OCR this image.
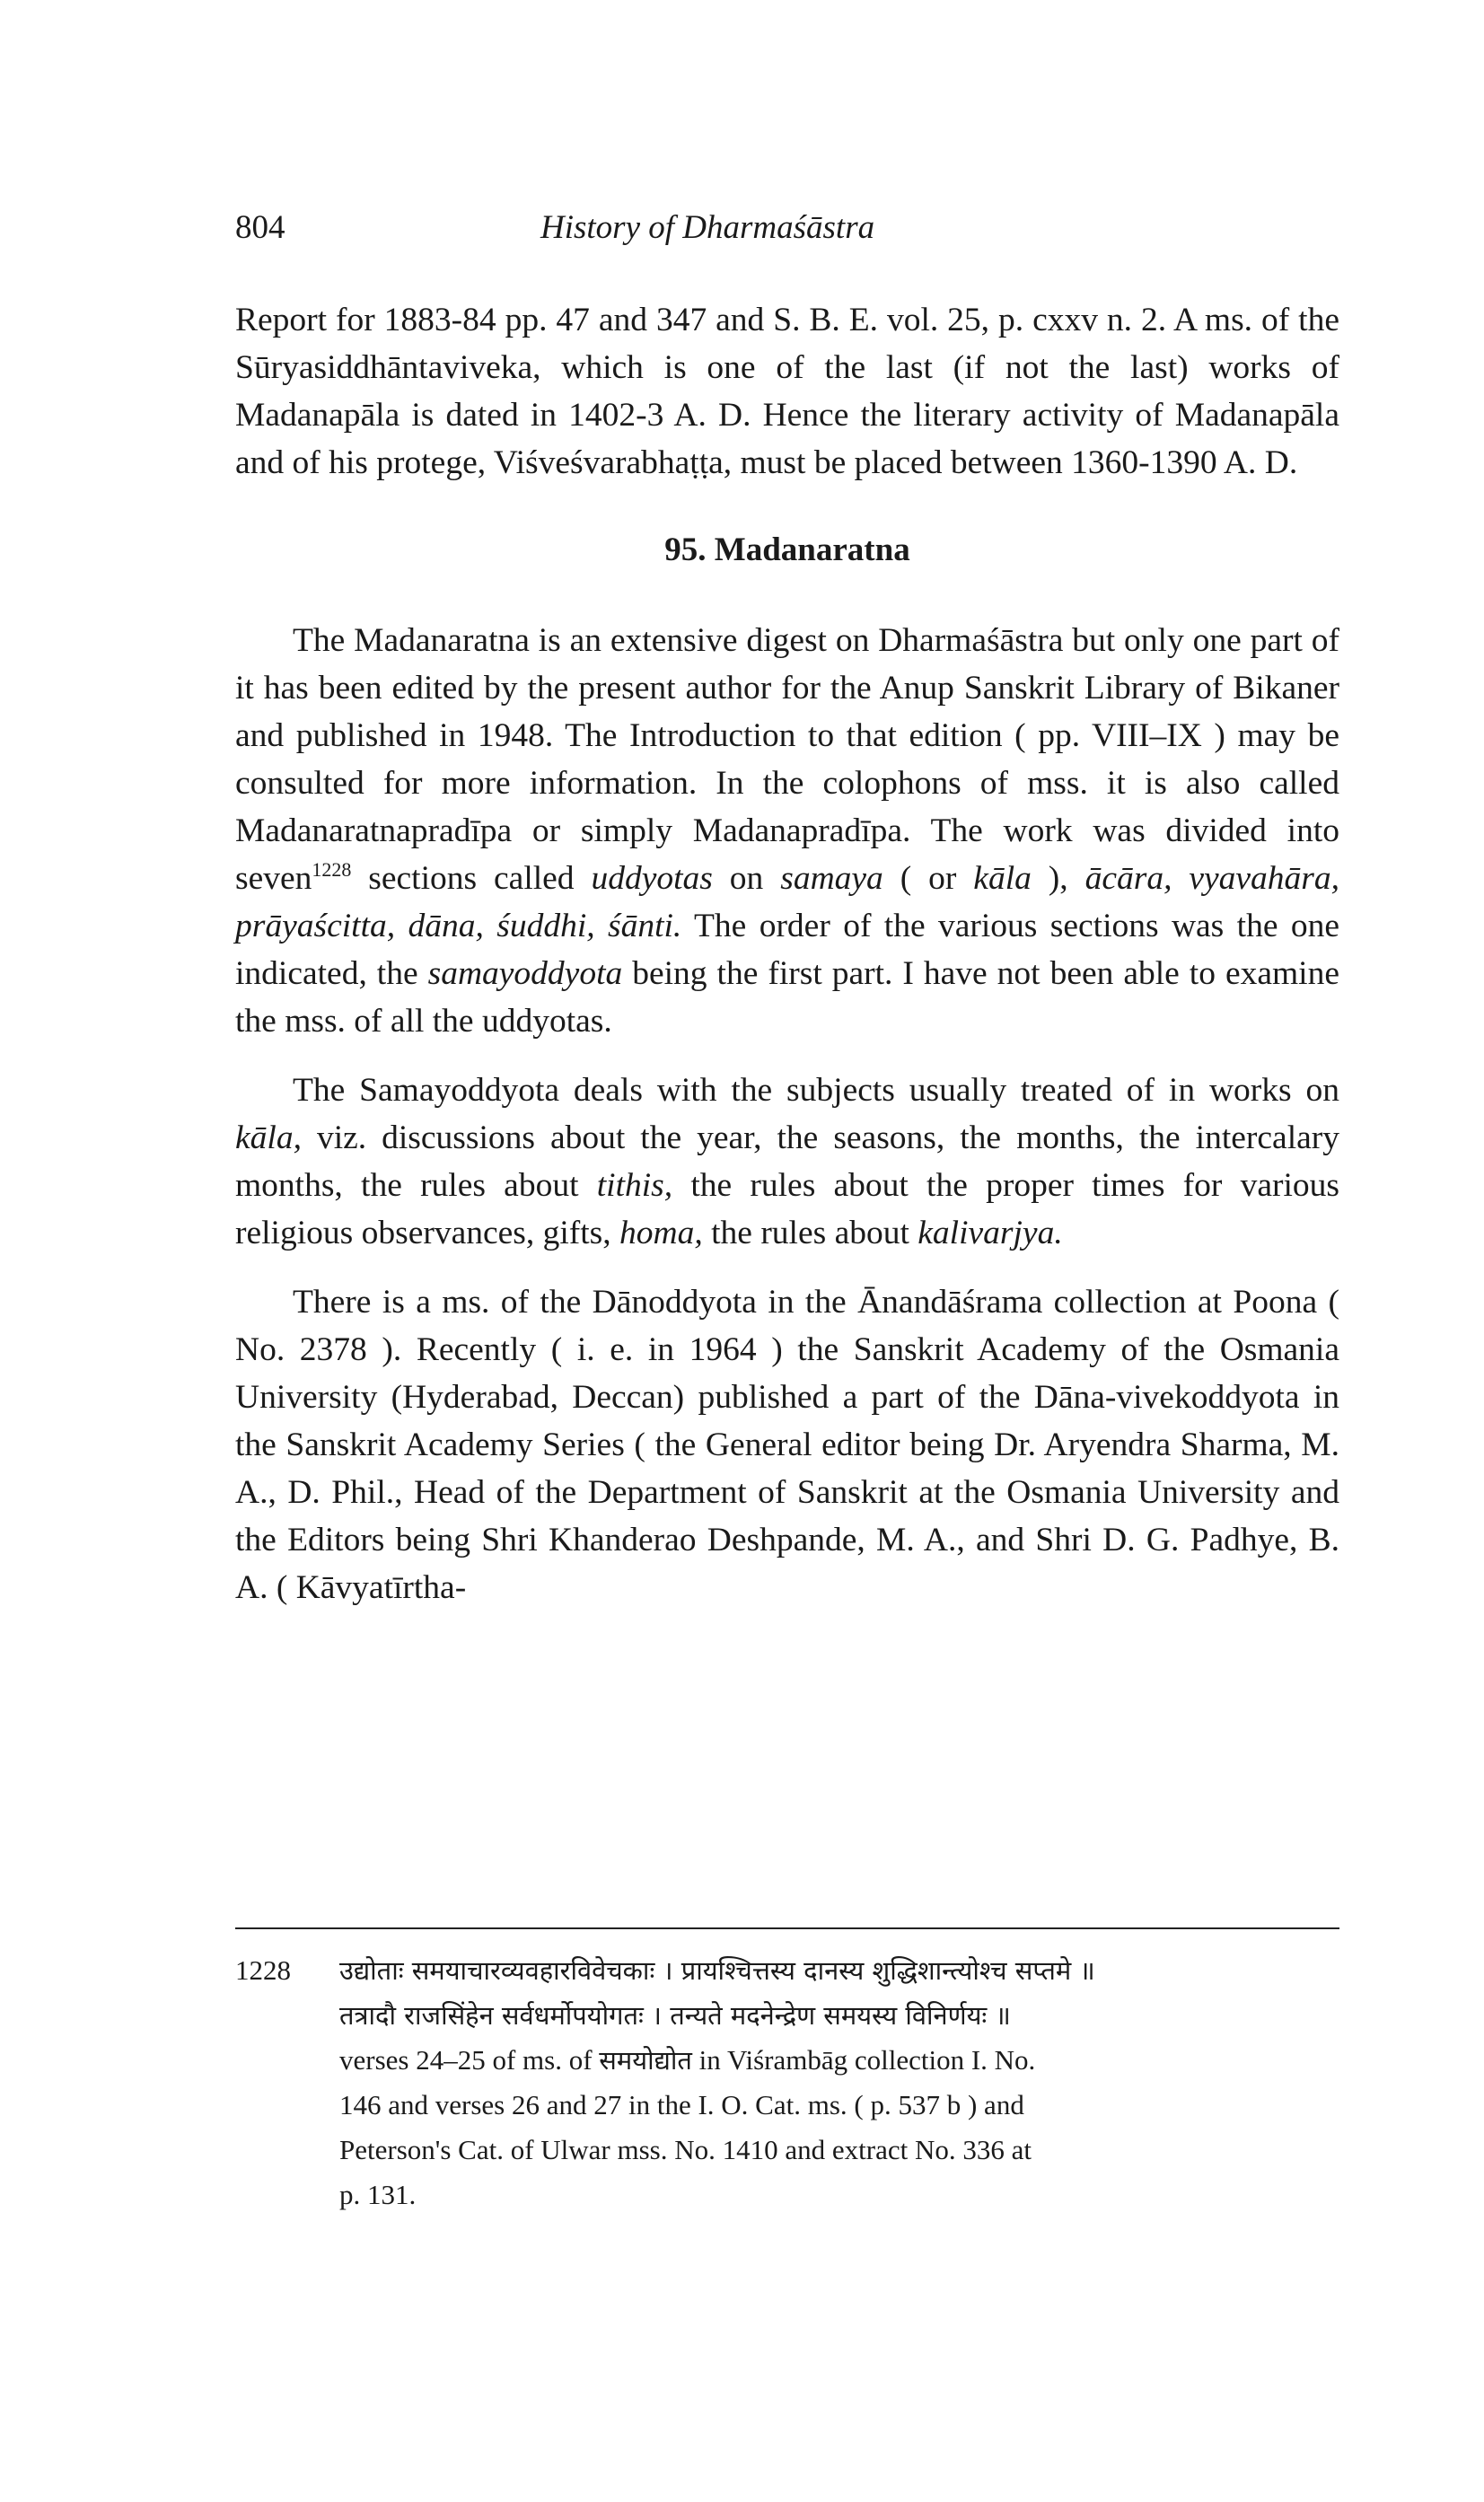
804	History of Dharmaśāstra

Report for 1883-84 pp. 47 and 347 and S. B. E. vol. 25, p. cxxv n. 2. A ms. of the Sūryasiddhāntaviveka, which is one of the last (if not the last) works of Madanapāla is dated in 1402-3 A. D. Hence the literary activity of Madanapāla and of his protege, Viśveśvarabhaṭṭa, must be placed between 1360-1390 A. D.

95. Madanaratna

The Madanaratna is an extensive digest on Dharmaśāstra but only one part of it has been edited by the present author for the Anup Sanskrit Library of Bikaner and published in 1948. The Introduction to that edition ( pp. VIII–IX ) may be consulted for more information. In the colophons of mss. it is also called Madanaratnapradīpa or simply Madanapradīpa. The work was divided into seven$^{1228}$ sections called uddyotas on samaya ( or kāla ), ācāra, vyavahāra, prāyaścitta, dāna, śuddhi, śānti. The order of the various sections was the one indicated, the samayoddyota being the first part. I have not been able to examine the mss. of all the uddyotas.

The Samayoddyota deals with the subjects usually treated of in works on kāla, viz. discussions about the year, the seasons, the months, the intercalary months, the rules about tithis, the rules about the proper times for various religious observances, gifts, homa, the rules about kalivarjya.

There is a ms. of the Dānoddyota in the Ānandāśrama collection at Poona ( No. 2378 ). Recently ( i. e. in 1964 ) the Sanskrit Academy of the Osmania University (Hyderabad, Deccan) published a part of the Dāna-vivekoddyota in the Sanskrit Academy Series ( the General editor being Dr. Aryendra Sharma, M. A., D. Phil., Head of the Department of Sanskrit at the Osmania University and the Editors being Shri Khanderao Deshpande, M. A., and Shri D. G. Padhye, B. A. ( Kāvyatīrtha-

1228 उद्योताः समयाचारव्यवहारविवेचकाः । प्रायश्चित्तस्य दानस्य शुद्धिशान्त्योश्च सप्तमे ॥
तत्रादौ राजसिंहेन सर्वधर्मोपयोगतः । तन्यते मदनेन्द्रेण समयस्य विनिर्णयः ॥
verses 24–25 of ms. of समयोद्योत in Viśrambāg collection I. No.
146 and verses 26 and 27 in the I. O. Cat. ms. ( p. 537 b ) and
Peterson's Cat. of Ulwar mss. No. 1410 and extract No. 336 at
p. 131.
